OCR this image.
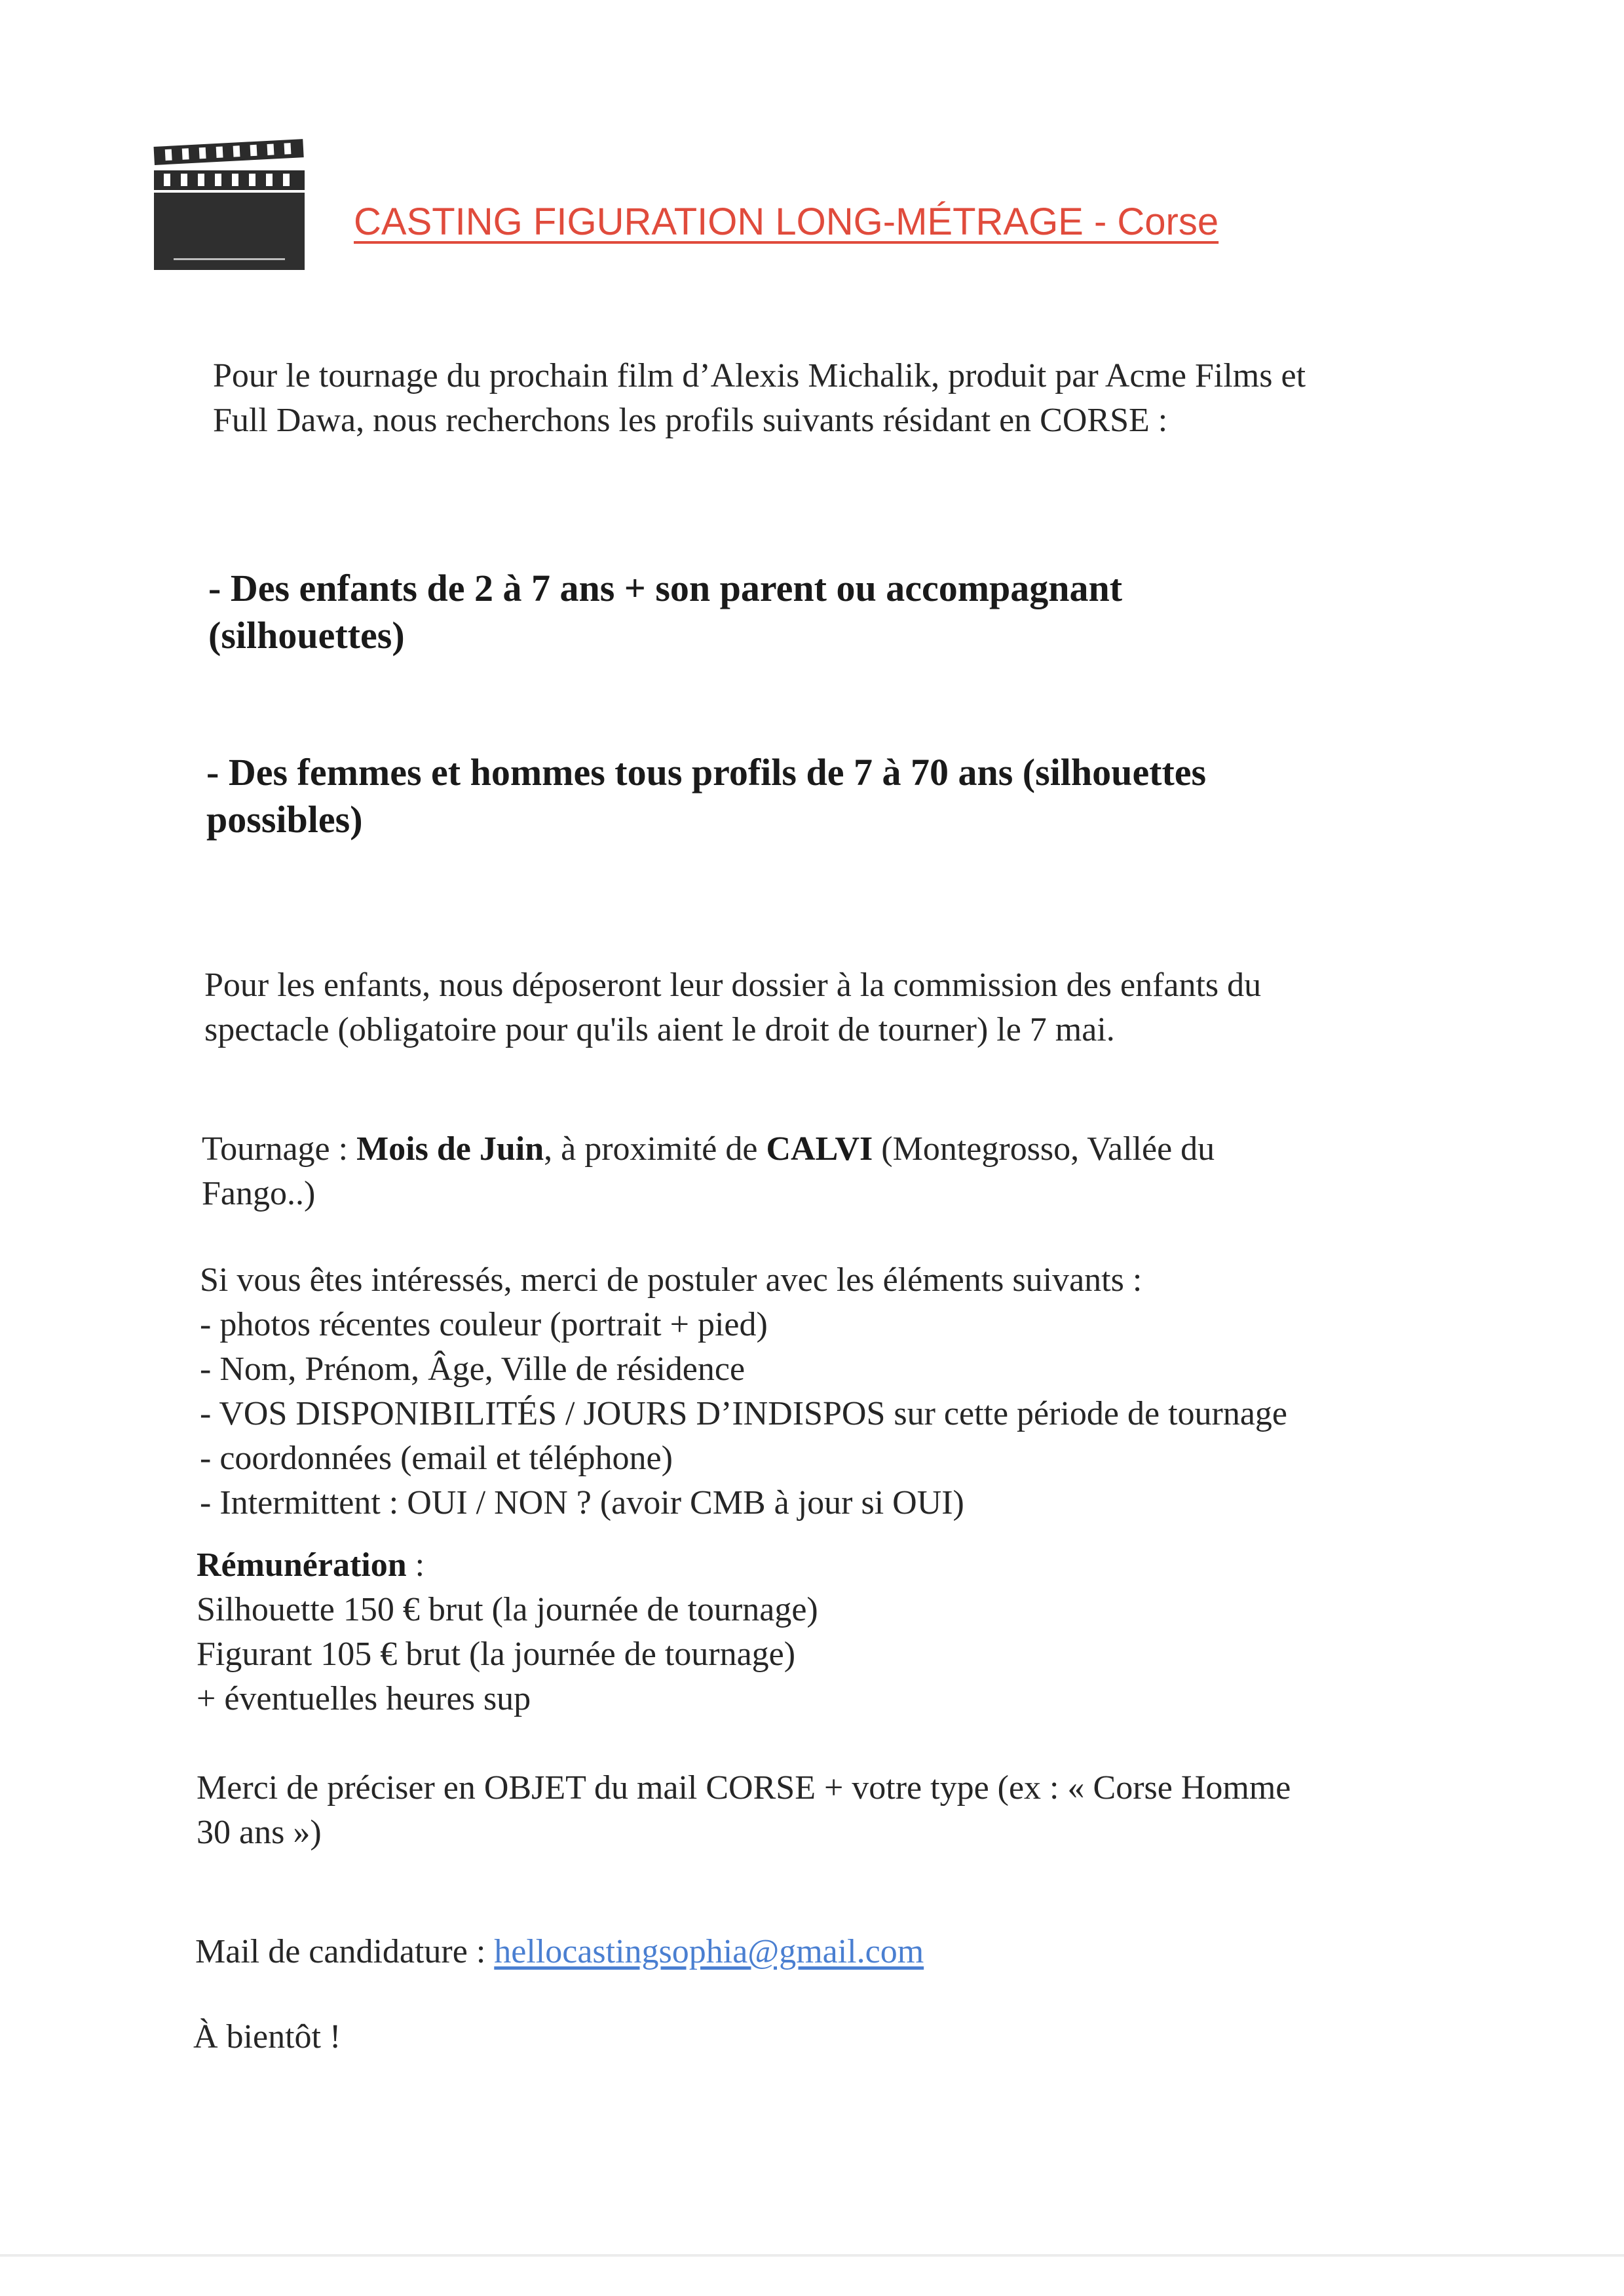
CASTING FIGURATION LONG-MÉTRAGE - Corse
Pour le tournage du prochain film d’Alexis Michalik, produit par Acme Films et
Full Dawa, nous recherchons les profils suivants résidant en CORSE :
- Des enfants de 2 à 7 ans + son parent ou accompagnant
(silhouettes)
- Des femmes et hommes tous profils de 7 à 70 ans (silhouettes
possibles)
Pour les enfants, nous déposeront leur dossier à la commission des enfants du
spectacle (obligatoire pour qu'ils aient le droit de tourner) le 7 mai.
Tournage : Mois de Juin, à proximité de CALVI (Montegrosso, Vallée du
Fango..)
Si vous êtes intéressés, merci de postuler avec les éléments suivants :
- photos récentes couleur (portrait + pied)
- Nom, Prénom, Âge, Ville de résidence
- VOS DISPONIBILITÉS / JOURS D’INDISPOS sur cette période de tournage
- coordonnées (email et téléphone)
- Intermittent : OUI / NON ? (avoir CMB à jour si OUI)
Rémunération :
Silhouette 150 € brut (la journée de tournage)
Figurant 105 € brut (la journée de tournage)
+ éventuelles heures sup
Merci de préciser en OBJET du mail CORSE + votre type (ex : « Corse Homme
30 ans »)
Mail de candidature : hellocastingsophia@gmail.com
À bientôt !
